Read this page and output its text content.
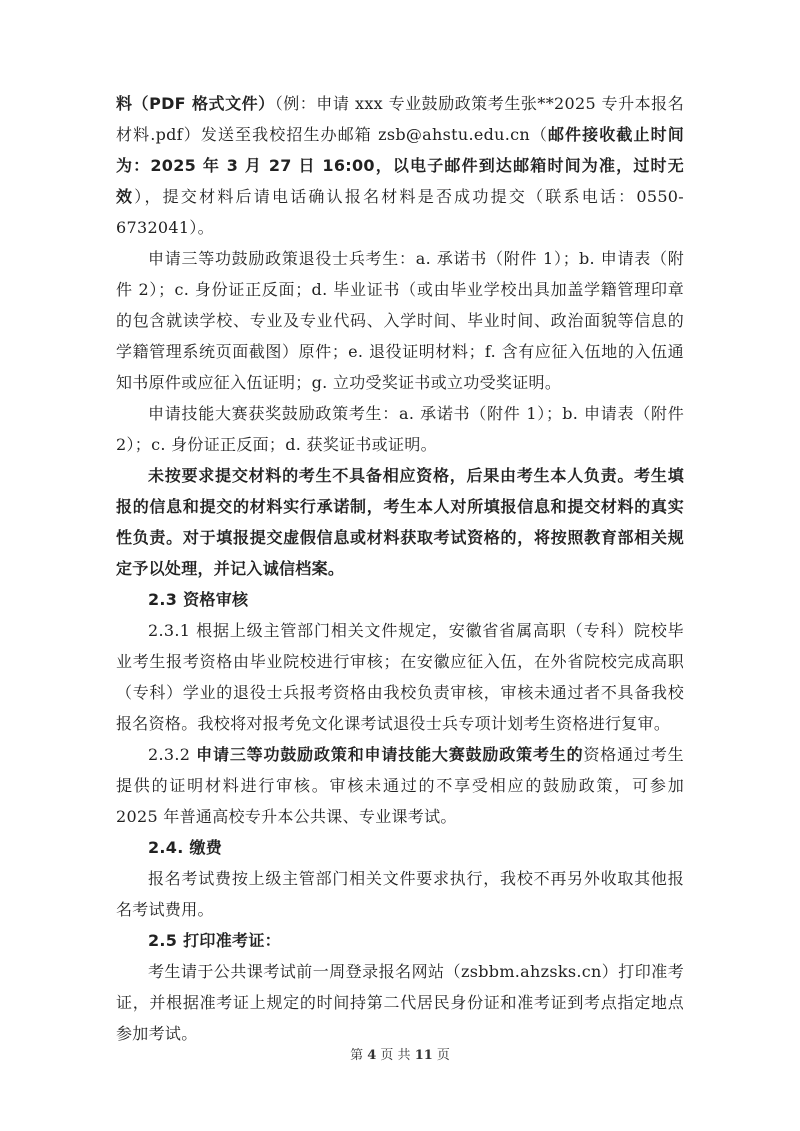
料（PDF 格式文件）（例：申请 xxx 专业鼓励政策考生张**2025 专升本报名材料.pdf）发送至我校招生办邮箱 zsb@ahstu.edu.cn（邮件接收截止时间为：2025 年 3 月 27 日 16:00，以电子邮件到达邮箱时间为准，过时无效），提交材料后请电话确认报名材料是否成功提交（联系电话：0550-6732041）。

申请三等功鼓励政策退役士兵考生：a. 承诺书（附件 1）；b. 申请表（附件 2）；c. 身份证正反面；d. 毕业证书（或由毕业学校出具加盖学籍管理印章的包含就读学校、专业及专业代码、入学时间、毕业时间、政治面貌等信息的学籍管理系统页面截图）原件；e. 退役证明材料；f. 含有应征入伍地的入伍通知书原件或应征入伍证明；g. 立功受奖证书或立功受奖证明。

申请技能大赛获奖鼓励政策考生：a. 承诺书（附件 1）；b. 申请表（附件 2）；c. 身份证正反面；d. 获奖证书或证明。

未按要求提交材料的考生不具备相应资格，后果由考生本人负责。考生填报的信息和提交的材料实行承诺制，考生本人对所填报信息和提交材料的真实性负责。对于填报提交虚假信息或材料获取考试资格的，将按照教育部相关规定予以处理，并记入诚信档案。

2.3 资格审核

2.3.1 根据上级主管部门相关文件规定，安徽省省属高职（专科）院校毕业考生报考资格由毕业院校进行审核；在安徽应征入伍，在外省院校完成高职（专科）学业的退役士兵报考资格由我校负责审核，审核未通过者不具备我校报名资格。我校将对报考免文化课考试退役士兵专项计划考生资格进行复审。

2.3.2 申请三等功鼓励政策和申请技能大赛鼓励政策考生的资格通过考生提供的证明材料进行审核。审核未通过的不享受相应的鼓励政策，可参加 2025 年普通高校专升本公共课、专业课考试。

2.4. 缴费

报名考试费按上级主管部门相关文件要求执行，我校不再另外收取其他报名考试费用。

2.5 打印准考证：

考生请于公共课考试前一周登录报名网站（zsbbm.ahzsks.cn）打印准考证，并根据准考证上规定的时间持第二代居民身份证和准考证到考点指定地点参加考试。

第 4 页 共 11 页
